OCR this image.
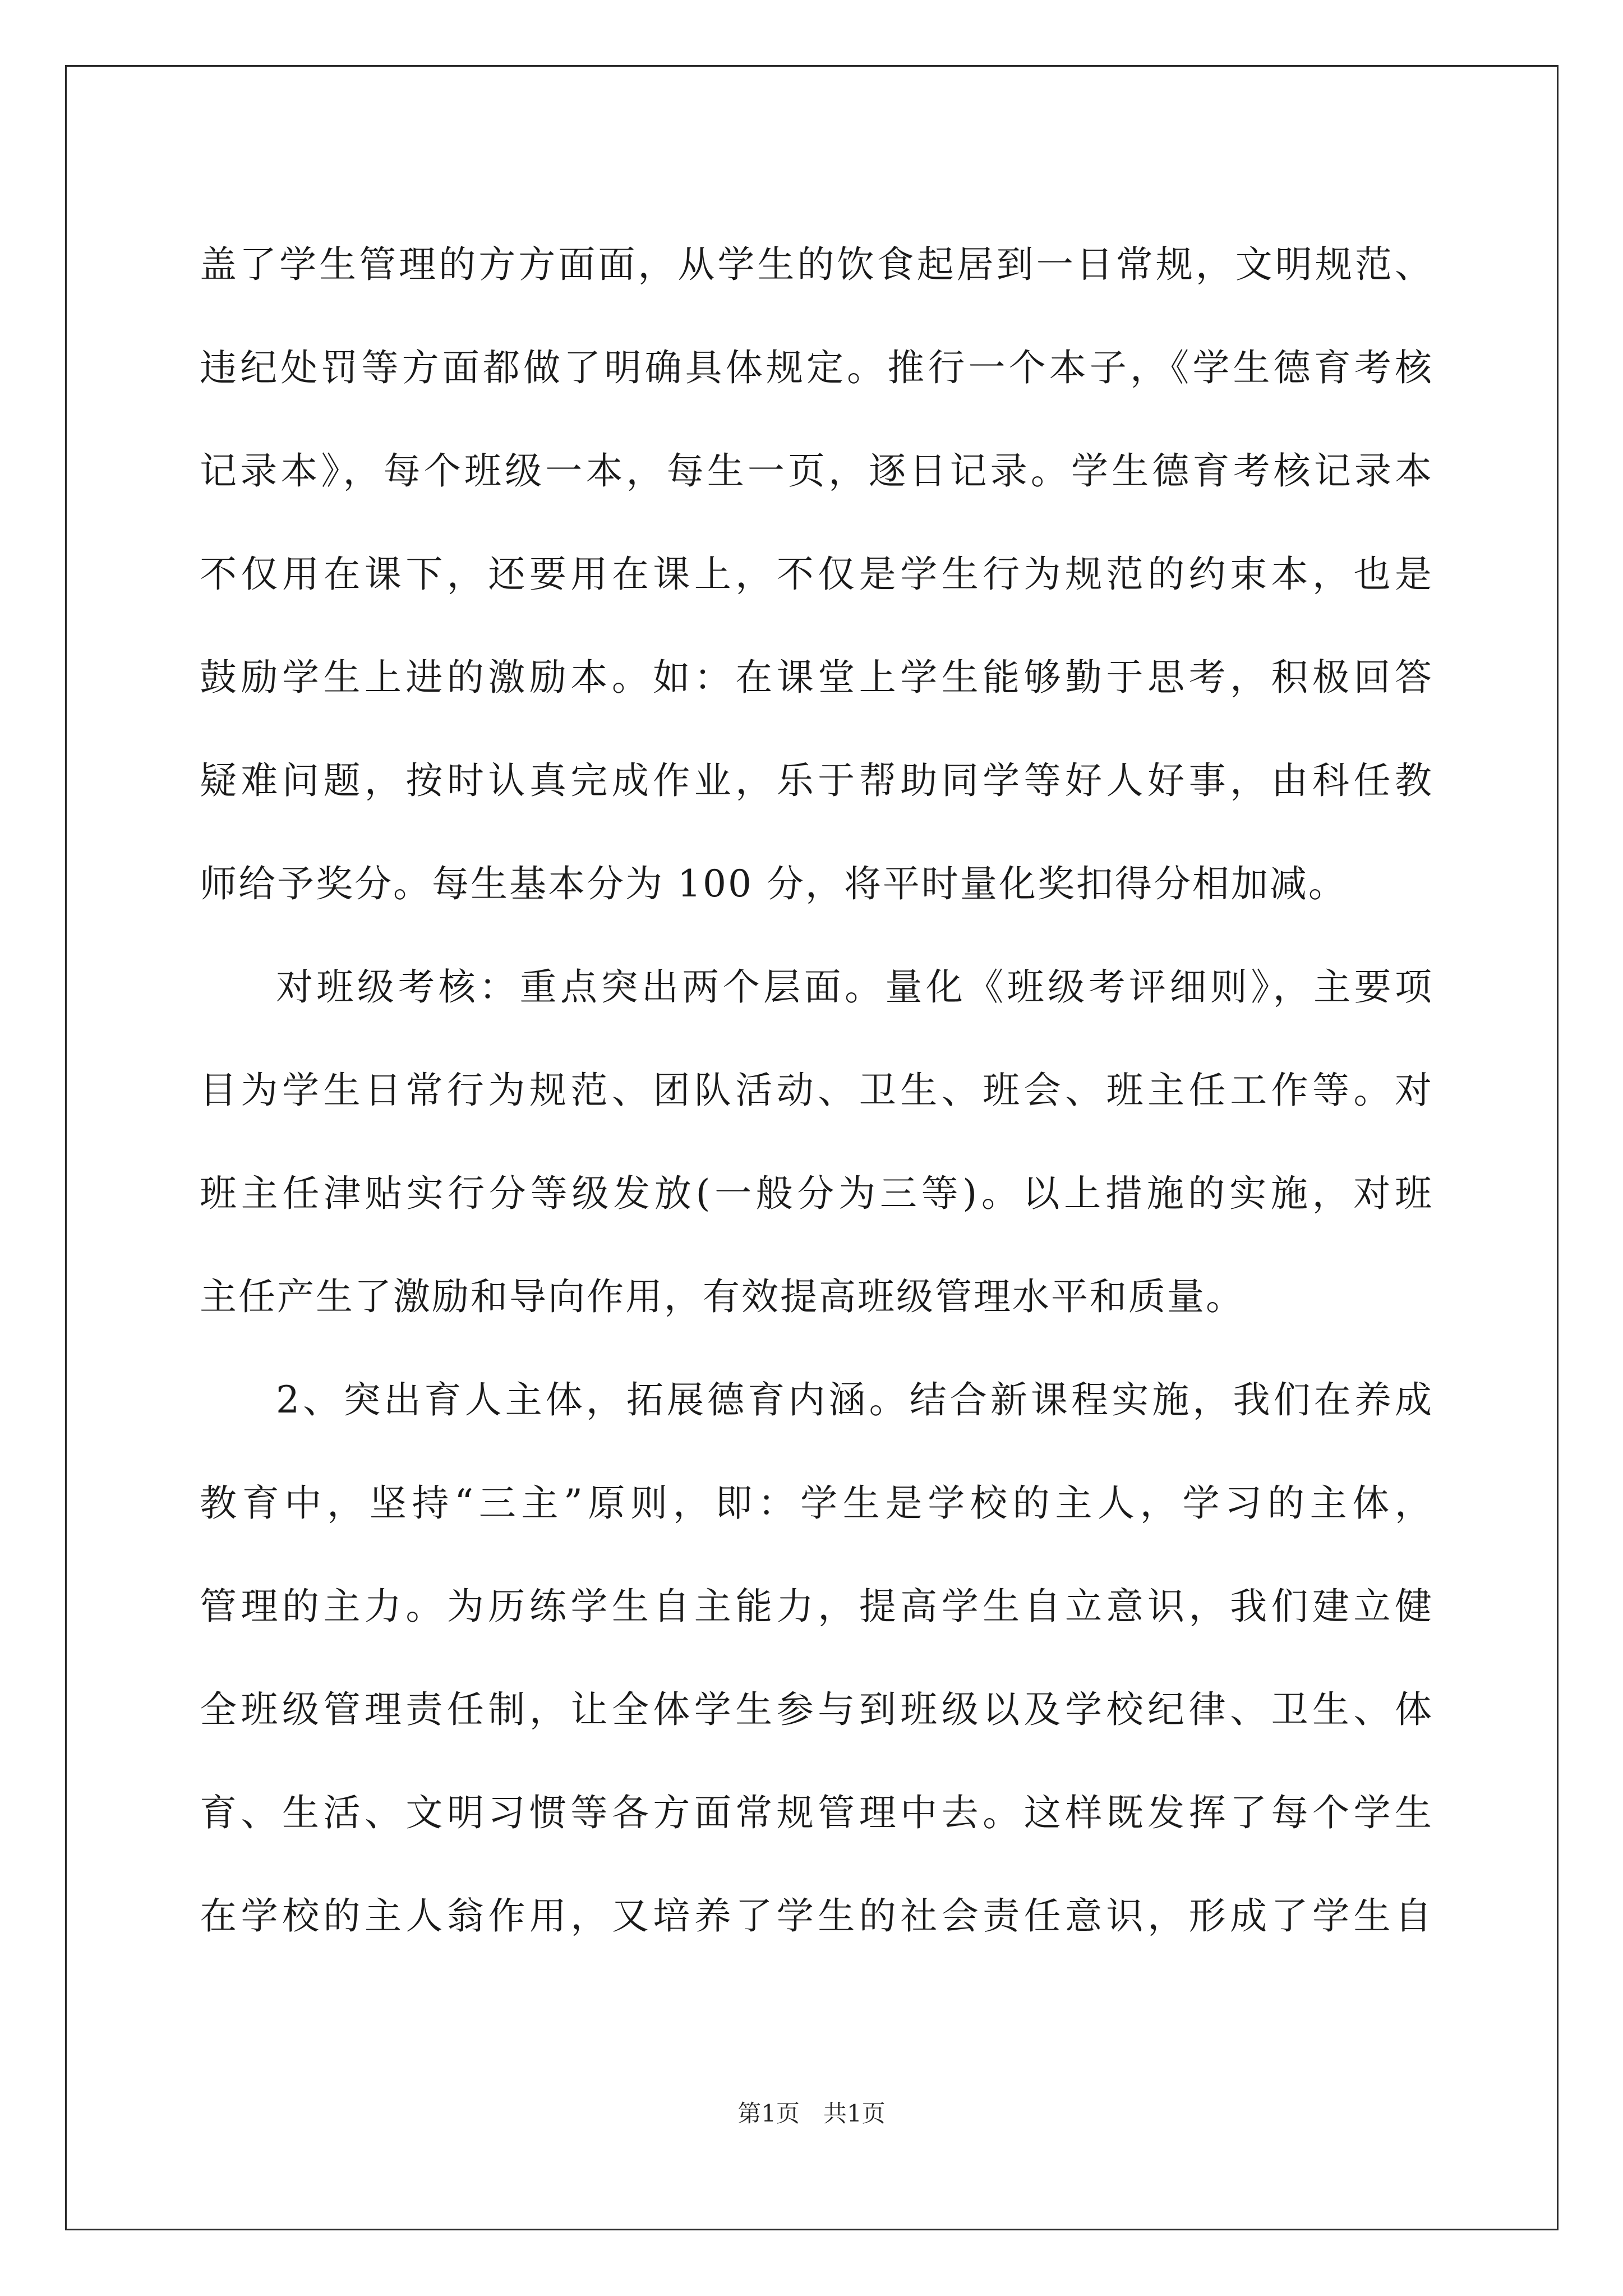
盖了学生管理的方方面面，从学生的饮食起居到一日常规，文明规范、
违纪处罚等方面都做了明确具体规定。推行一个本子，《学生德育考核
记录本》，每个班级一本，每生一页，逐日记录。学生德育考核记录本
不仅用在课下，还要用在课上，不仅是学生行为规范的约束本，也是
鼓励学生上进的激励本。如：在课堂上学生能够勤于思考，积极回答
疑难问题，按时认真完成作业，乐于帮助同学等好人好事，由科任教
师给予奖分。每生基本分为 100 分，将平时量化奖扣得分相加减。
对班级考核：重点突出两个层面。量化《班级考评细则》，主要项
目为学生日常行为规范、团队活动、卫生、班会、班主任工作等。对
班主任津贴实行分等级发放(一般分为三等)。以上措施的实施，对班
主任产生了激励和导向作用，有效提高班级管理水平和质量。
2、突出育人主体，拓展德育内涵。结合新课程实施，我们在养成
教育中，坚持“三主”原则，即：学生是学校的主人，学习的主体，
管理的主力。为历练学生自主能力，提高学生自立意识，我们建立健
全班级管理责任制，让全体学生参与到班级以及学校纪律、卫生、体
育、生活、文明习惯等各方面常规管理中去。这样既发挥了每个学生
在学校的主人翁作用，又培养了学生的社会责任意识，形成了学生自
第1页　共1页
